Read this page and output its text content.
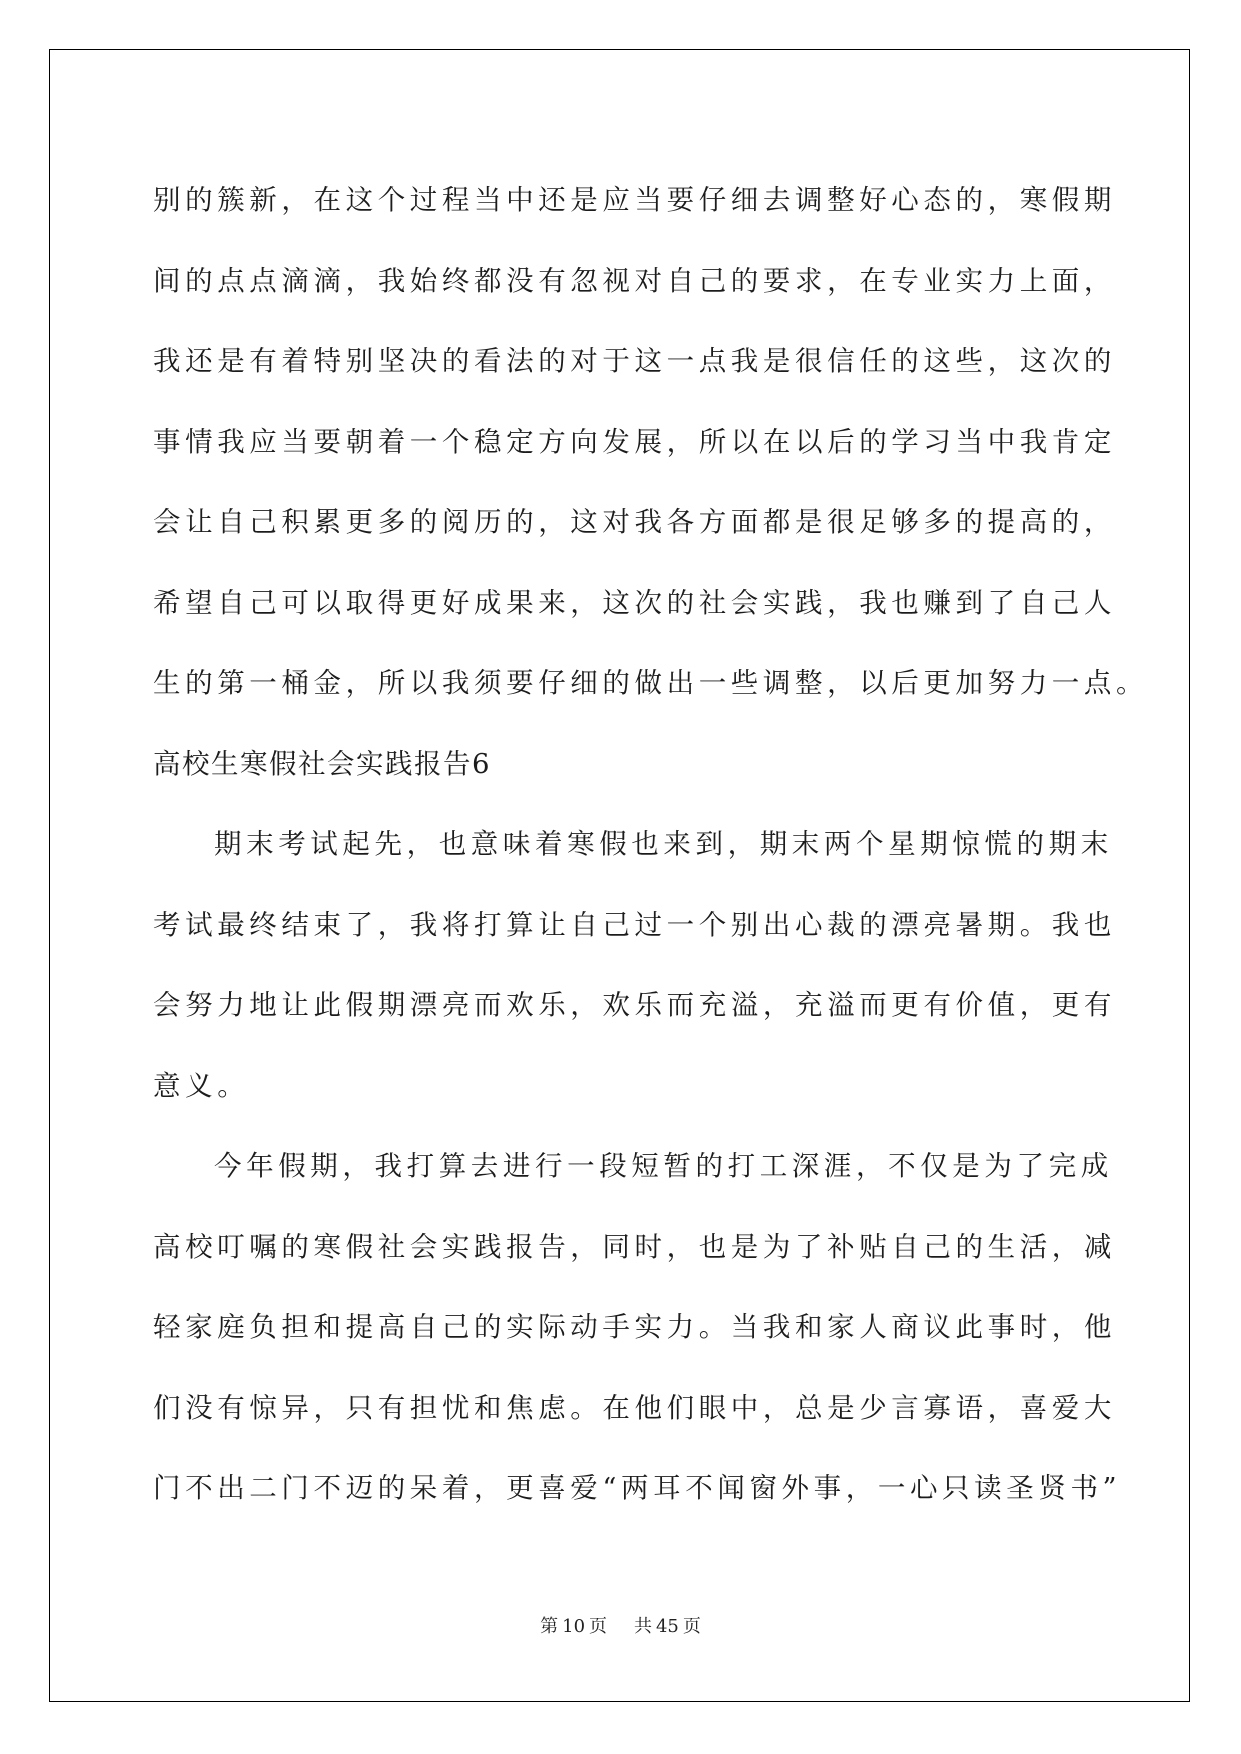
别的簇新，在这个过程当中还是应当要仔细去调整好心态的，寒假期
间的点点滴滴，我始终都没有忽视对自己的要求，在专业实力上面，
我还是有着特别坚决的看法的对于这一点我是很信任的这些，这次的
事情我应当要朝着一个稳定方向发展，所以在以后的学习当中我肯定
会让自己积累更多的阅历的，这对我各方面都是很足够多的提高的，
希望自己可以取得更好成果来，这次的社会实践，我也赚到了自己人
生的第一桶金，所以我须要仔细的做出一些调整，以后更加努力一点。
高校生寒假社会实践报告6
期末考试起先，也意味着寒假也来到，期末两个星期惊慌的期末
考试最终结束了，我将打算让自己过一个别出心裁的漂亮暑期。我也
会努力地让此假期漂亮而欢乐，欢乐而充溢，充溢而更有价值，更有
意义。
今年假期，我打算去进行一段短暂的打工深涯，不仅是为了完成
高校叮嘱的寒假社会实践报告，同时，也是为了补贴自己的生活，减
轻家庭负担和提高自己的实际动手实力。当我和家人商议此事时，他
们没有惊异，只有担忧和焦虑。在他们眼中，总是少言寡语，喜爱大
门不出二门不迈的呆着，更喜爱“两耳不闻窗外事，一心只读圣贤书”
第 10 页 共 45 页
